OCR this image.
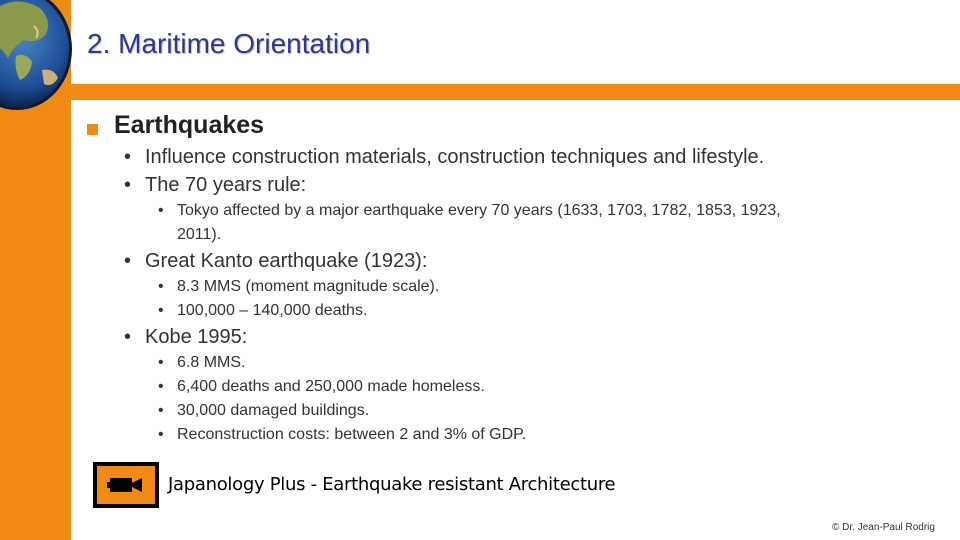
2. Maritime Orientation
Earthquakes
• Influence construction materials, construction techniques and lifestyle.
• The 70 years rule:
• Tokyo affected by a major earthquake every 70 years (1633, 1703, 1782, 1853, 1923,
2011).
• Great Kanto earthquake (1923):
• 8.3 MMS (moment magnitude scale).
• 100,000 – 140,000 deaths.
• Kobe 1995:
• 6.8 MMS.
• 6,400 deaths and 250,000 made homeless.
• 30,000 damaged buildings.
• Reconstruction costs: between 2 and 3% of GDP.
Japanology Plus - Earthquake resistant Architecture
© Dr. Jean-Paul Rodrig
